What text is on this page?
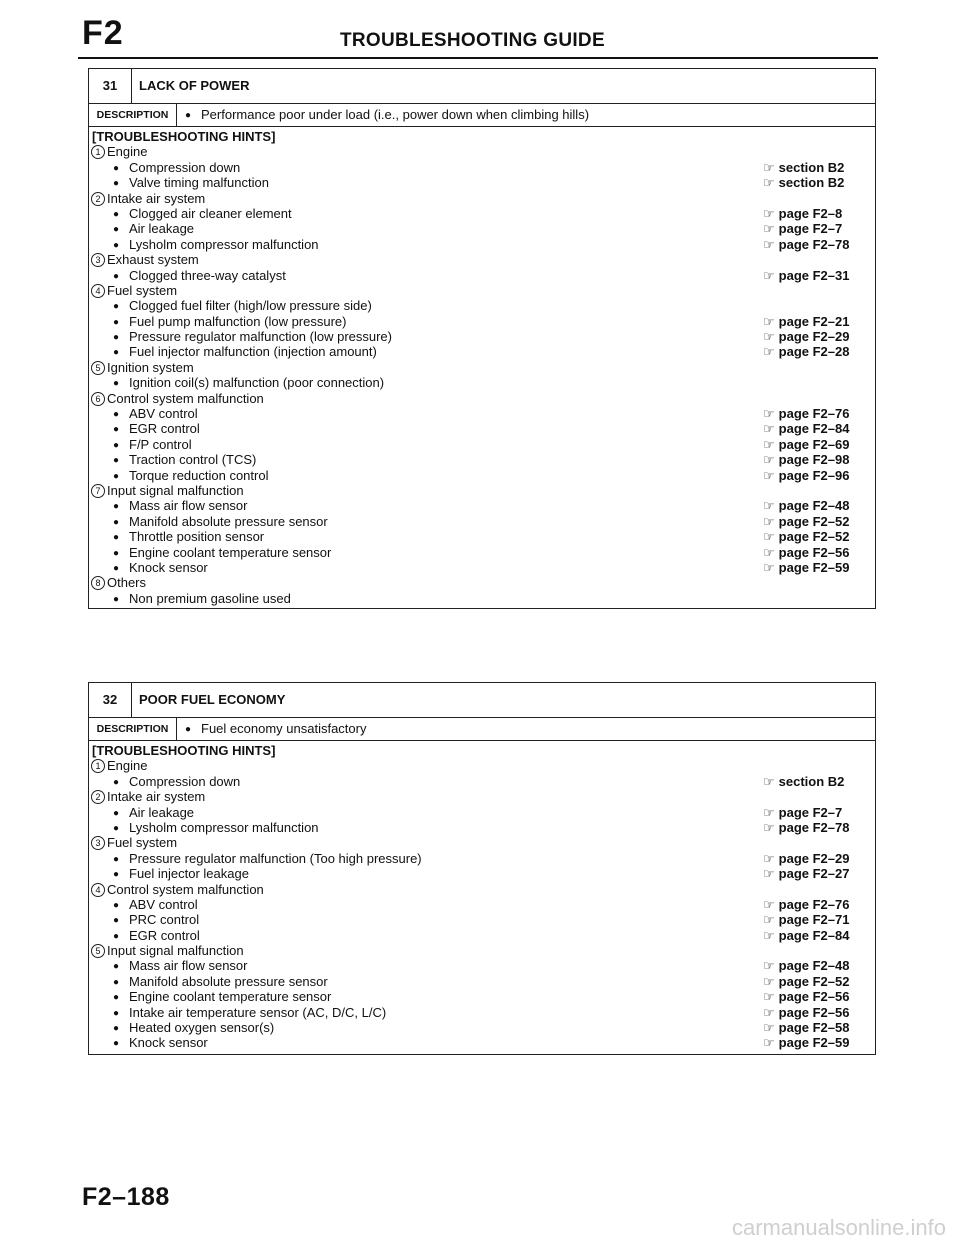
F2	TROUBLESHOOTING GUIDE
31	LACK OF POWER
DESCRIPTION	● Performance poor under load (i.e., power down when climbing hills)
[TROUBLESHOOTING HINTS]
1 Engine
● Compression down	☞ section B2
● Valve timing malfunction	☞ section B2
2 Intake air system
● Clogged air cleaner element	☞ page F2–8
● Air leakage	☞ page F2–7
● Lysholm compressor malfunction	☞ page F2–78
3 Exhaust system
● Clogged three-way catalyst	☞ page F2–31
4 Fuel system
● Clogged fuel filter (high/low pressure side)
● Fuel pump malfunction (low pressure)	☞ page F2–21
● Pressure regulator malfunction (low pressure)	☞ page F2–29
● Fuel injector malfunction (injection amount)	☞ page F2–28
5 Ignition system
● Ignition coil(s) malfunction (poor connection)
6 Control system malfunction
● ABV control	☞ page F2–76
● EGR control	☞ page F2–84
● F/P control	☞ page F2–69
● Traction control (TCS)	☞ page F2–98
● Torque reduction control	☞ page F2–96
7 Input signal malfunction
● Mass air flow sensor	☞ page F2–48
● Manifold absolute pressure sensor	☞ page F2–52
● Throttle position sensor	☞ page F2–52
● Engine coolant temperature sensor	☞ page F2–56
● Knock sensor	☞ page F2–59
8 Others
● Non premium gasoline used
32	POOR FUEL ECONOMY
DESCRIPTION	● Fuel economy unsatisfactory
[TROUBLESHOOTING HINTS]
1 Engine
● Compression down	☞ section B2
2 Intake air system
● Air leakage	☞ page F2–7
● Lysholm compressor malfunction	☞ page F2–78
3 Fuel system
● Pressure regulator malfunction (Too high pressure)	☞ page F2–29
● Fuel injector leakage	☞ page F2–27
4 Control system malfunction
● ABV control	☞ page F2–76
● PRC control	☞ page F2–71
● EGR control	☞ page F2–84
5 Input signal malfunction
● Mass air flow sensor	☞ page F2–48
● Manifold absolute pressure sensor	☞ page F2–52
● Engine coolant temperature sensor	☞ page F2–56
● Intake air temperature sensor (AC, D/C, L/C)	☞ page F2–56
● Heated oxygen sensor(s)	☞ page F2–58
● Knock sensor	☞ page F2–59
F2–188
carmanualsonline.info
